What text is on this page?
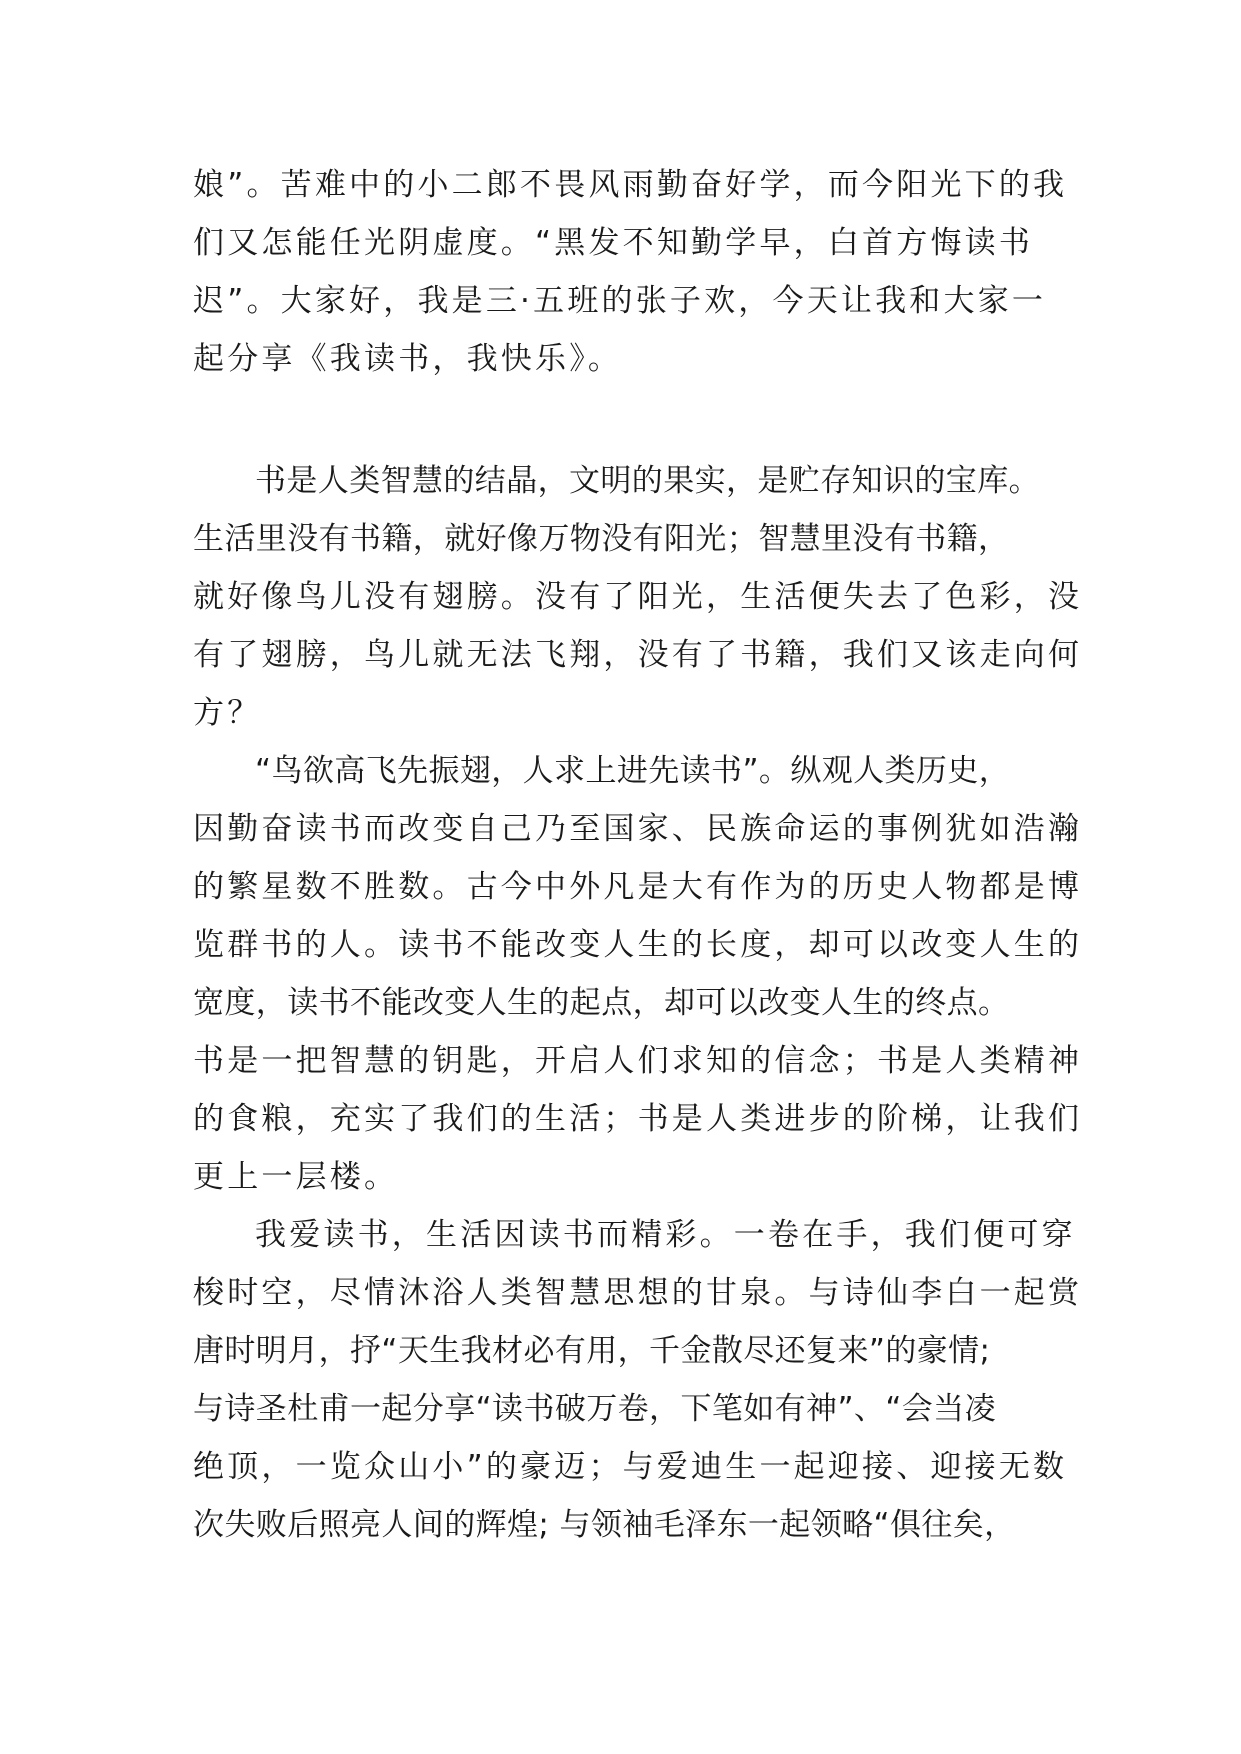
娘”。苦难中的小二郎不畏风雨勤奋好学，而今阳光下的我
们又怎能任光阴虚度。“黑发不知勤学早，白首方悔读书
迟”。大家好，我是三·五班的张子欢，今天让我和大家一
起分享《我读书，我快乐》。
书是人类智慧的结晶，文明的果实，是贮存知识的宝库。
生活里没有书籍，就好像万物没有阳光；智慧里没有书籍，
就好像鸟儿没有翅膀。没有了阳光，生活便失去了色彩，没
有了翅膀，鸟儿就无法飞翔，没有了书籍，我们又该走向何
方？
“鸟欲高飞先振翅，人求上进先读书”。纵观人类历史，
因勤奋读书而改变自己乃至国家、民族命运的事例犹如浩瀚
的繁星数不胜数。古今中外凡是大有作为的历史人物都是博
览群书的人。读书不能改变人生的长度，却可以改变人生的
宽度，读书不能改变人生的起点，却可以改变人生的终点。
书是一把智慧的钥匙，开启人们求知的信念；书是人类精神
的食粮，充实了我们的生活；书是人类进步的阶梯，让我们
更上一层楼。
我爱读书，生活因读书而精彩。一卷在手，我们便可穿
梭时空，尽情沐浴人类智慧思想的甘泉。与诗仙李白一起赏
唐时明月，抒“天生我材必有用，千金散尽还复来”的豪情;
与诗圣杜甫一起分享“读书破万卷，下笔如有神”、“会当凌
绝顶，一览众山小”的豪迈；与爱迪生一起迎接、迎接无数
次失败后照亮人间的辉煌; 与领袖毛泽东一起领略“俱往矣，
